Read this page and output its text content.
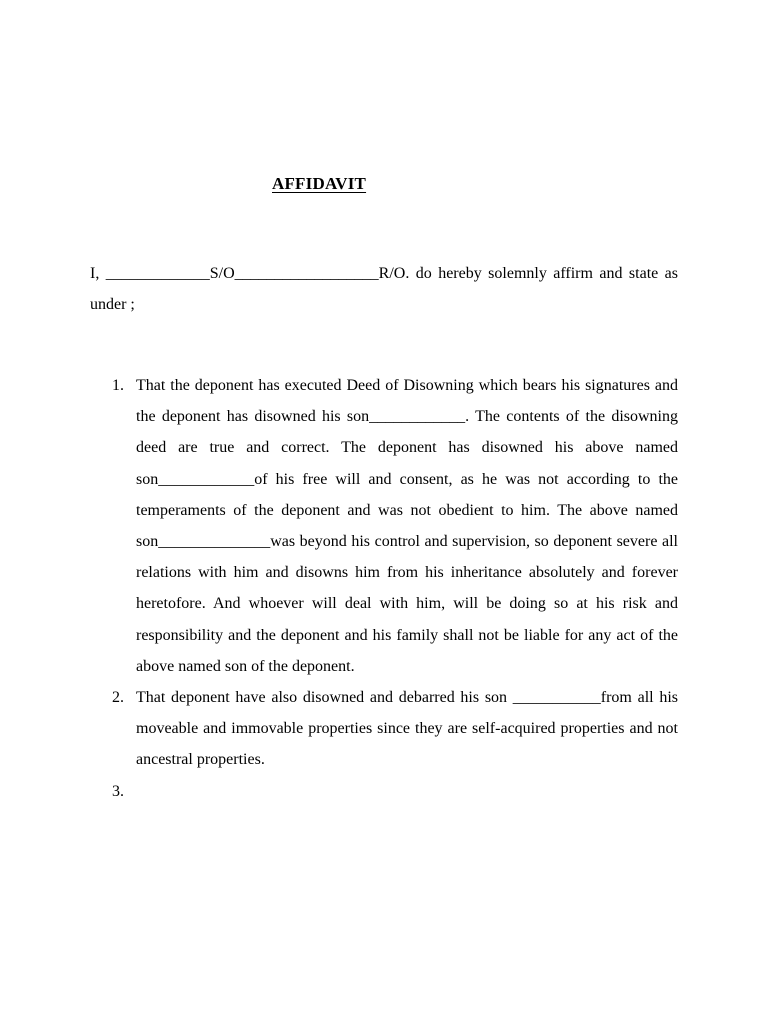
AFFIDAVIT

I, _____________S/O__________________R/O. do hereby solemnly affirm and state as under ;

1. That the deponent has executed Deed of Disowning which bears his signatures and the deponent has disowned his son____________. The contents of the disowning deed are true and correct. The deponent has disowned his above named son____________of his free will and consent, as he was not according to the temperaments of the deponent and was not obedient to him. The above named son______________was beyond his control and supervision, so deponent severe all relations with him and disowns him from his inheritance absolutely and forever heretofore. And whoever will deal with him, will be doing so at his risk and responsibility and the deponent and his family shall not be liable for any act of the above named son of the deponent.
2. That deponent have also disowned and debarred his son ___________from all his moveable and immovable properties since they are self-acquired properties and not ancestral properties.
3.
